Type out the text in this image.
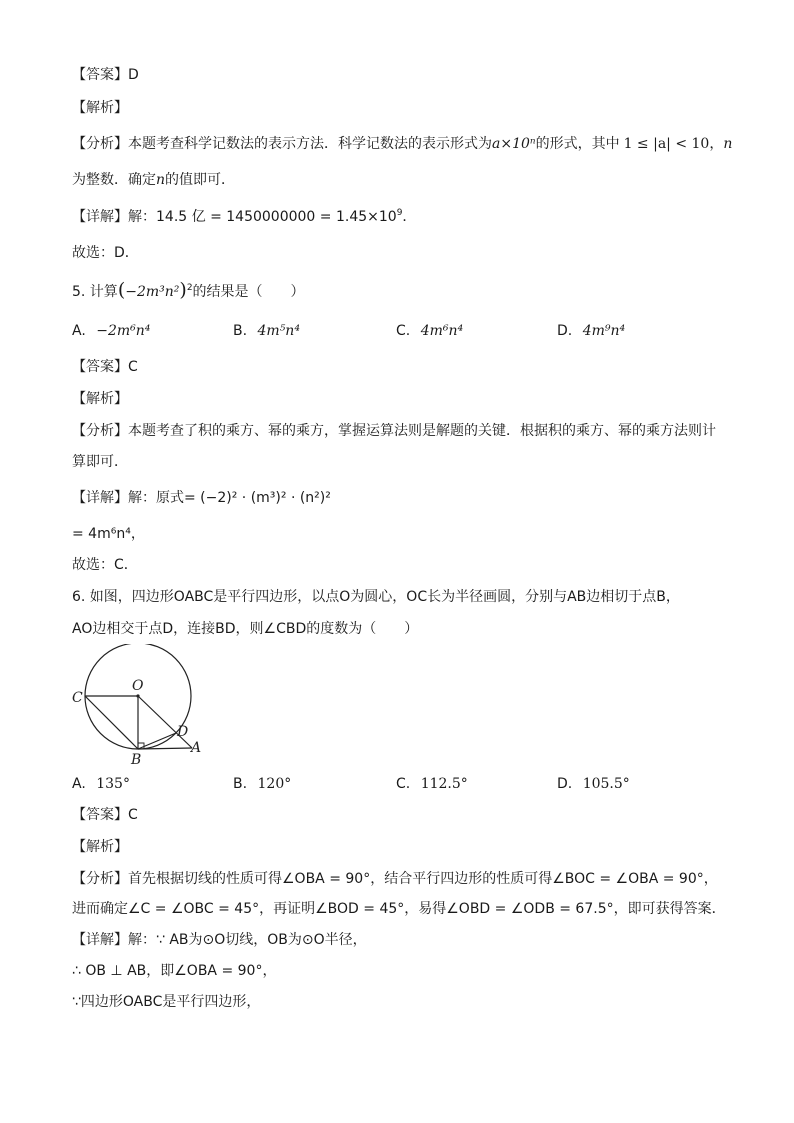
【答案】D
【解析】
【分析】本题考查科学记数法的表示方法．科学记数法的表示形式为a×10ⁿ的形式，其中 1 ≤ |a| < 10，n
为整数．确定n的值即可．
【详解】解：14.5 亿 = $1450000000 = 1.45\times 10^9$．
故选：D．
5. 计算$(-2m^3n^2)^2$的结果是（　　）
A. −2m⁶n⁴	B. 4m⁵n⁴	C. 4m⁶n⁴	D. 4m⁹n⁴
【答案】C
【解析】
【分析】本题考查了积的乘方、幂的乘方，掌握运算法则是解题的关键．根据积的乘方、幂的乘方法则计
算即可．
【详解】解：原式= (−2)² · (m³)² · (n²)²
= 4m⁶n⁴，
故选：C．
6. 如图，四边形OABC是平行四边形，以点O为圆心，OC长为半径画圆，分别与AB边相切于点B，
AO边相交于点D，连接BD，则∠CBD的度数为（　　）
C
O
D
B
A
A. 135°	B. 120°	C. 112.5°	D. 105.5°
【答案】C
【解析】
【分析】首先根据切线的性质可得∠OBA = 90°，结合平行四边形的性质可得∠BOC = ∠OBA = 90°，
进而确定∠C = ∠OBC = 45°，再证明∠BOD = 45°，易得∠OBD = ∠ODB = 67.5°，即可获得答案．
【详解】解：∵ AB为⊙O切线，OB为⊙O半径，
∴ OB ⊥ AB，即∠OBA = 90°，
∵四边形OABC是平行四边形，
